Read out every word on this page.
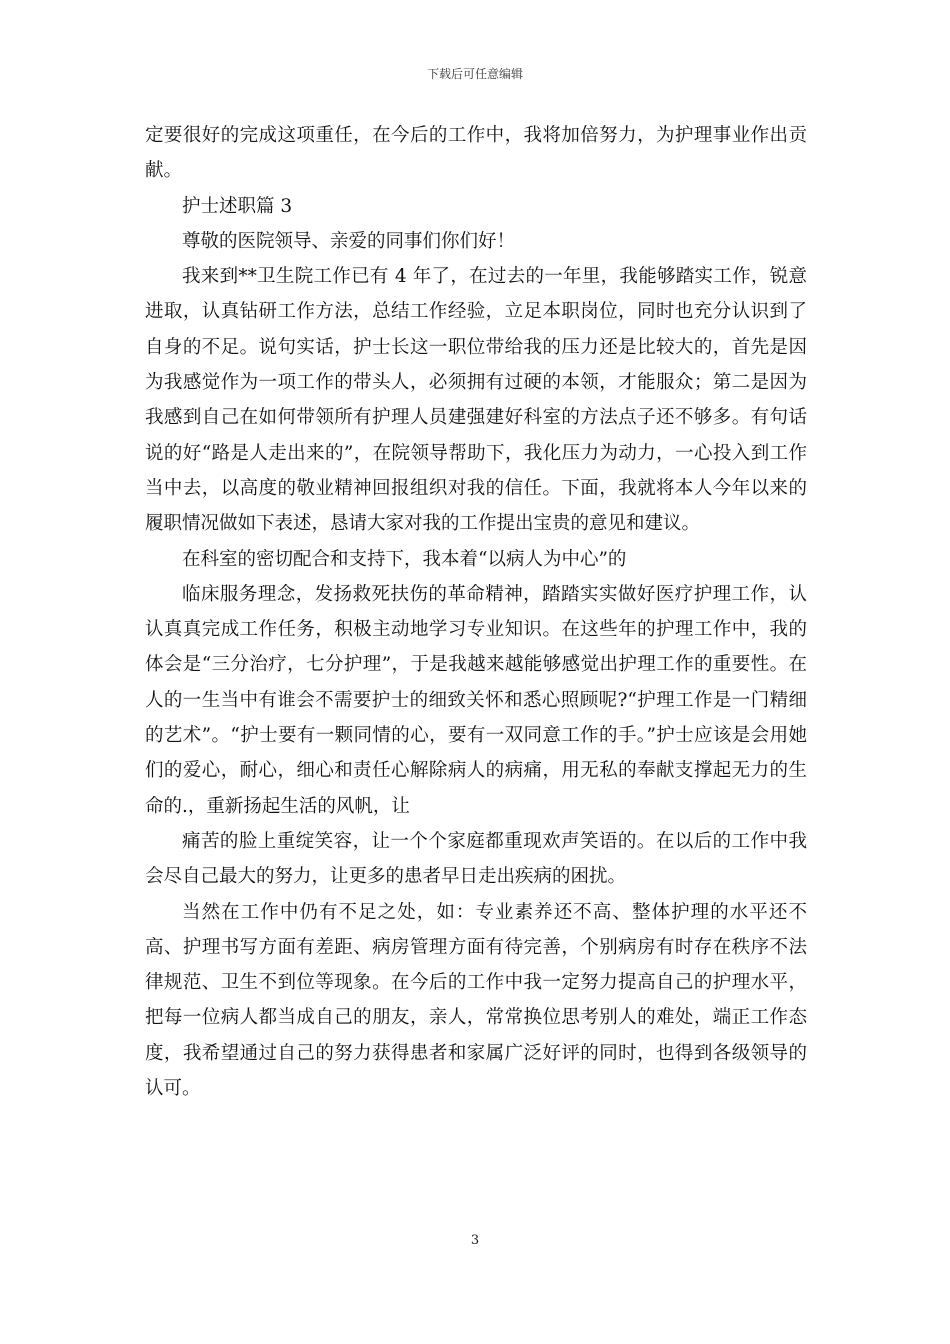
下载后可任意编辑

定要很好的完成这项重任，在今后的工作中，我将加倍努力，为护理事业作出贡献。

护士述职篇 3

尊敬的医院领导、亲爱的同事们你们好！

我来到**卫生院工作已有 4 年了，在过去的一年里，我能够踏实工作，锐意进取，认真钻研工作方法，总结工作经验，立足本职岗位，同时也充分认识到了自身的不足。说句实话，护士长这一职位带给我的压力还是比较大的，首先是因为我感觉作为一项工作的带头人，必须拥有过硬的本领，才能服众；第二是因为我感到自己在如何带领所有护理人员建强建好科室的方法点子还不够多。有句话说的好“路是人走出来的”，在院领导帮助下，我化压力为动力，一心投入到工作当中去，以高度的敬业精神回报组织对我的信任。下面，我就将本人今年以来的履职情况做如下表述，恳请大家对我的工作提出宝贵的意见和建议。

在科室的密切配合和支持下，我本着“以病人为中心”的

临床服务理念，发扬救死扶伤的革命精神，踏踏实实做好医疗护理工作，认认真真完成工作任务，积极主动地学习专业知识。在这些年的护理工作中，我的体会是“三分治疗，七分护理”，于是我越来越能够感觉出护理工作的重要性。在人的一生当中有谁会不需要护士的细致关怀和悉心照顾呢?“护理工作是一门精细的艺术”。“护士要有一颗同情的心，要有一双同意工作的手。”护士应该是会用她们的爱心，耐心，细心和责任心解除病人的病痛，用无私的奉献支撑起无力的生命的.，重新扬起生活的风帆，让

痛苦的脸上重绽笑容，让一个个家庭都重现欢声笑语的。在以后的工作中我会尽自己最大的努力，让更多的患者早日走出疾病的困扰。

当然在工作中仍有不足之处，如：专业素养还不高、整体护理的水平还不高、护理书写方面有差距、病房管理方面有待完善，个别病房有时存在秩序不法律规范、卫生不到位等现象。在今后的工作中我一定努力提高自己的护理水平，把每一位病人都当成自己的朋友，亲人，常常换位思考别人的难处，端正工作态度，我希望通过自己的努力获得患者和家属广泛好评的同时，也得到各级领导的认可。

3
